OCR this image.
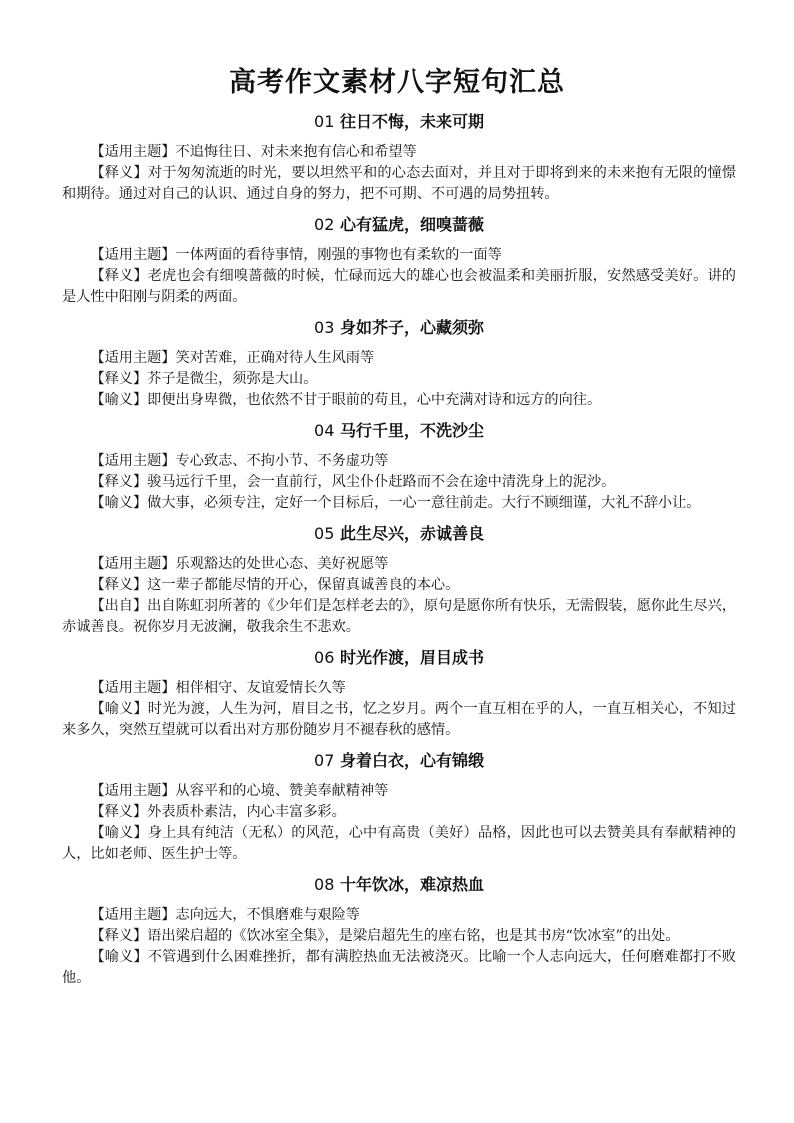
高考作文素材八字短句汇总
01 往日不悔，未来可期

【适用主题】不追悔往日、对未来抱有信心和希望等

【释义】对于匆匆流逝的时光，要以坦然平和的心态去面对，并且对于即将到来的未来抱有无限的憧憬和期待。通过对自己的认识、通过自身的努力，把不可期、不可遇的局势扭转。

02 心有猛虎，细嗅蔷薇

【适用主题】一体两面的看待事情，刚强的事物也有柔软的一面等

【释义】老虎也会有细嗅蔷薇的时候，忙碌而远大的雄心也会被温柔和美丽折服，安然感受美好。讲的是人性中阳刚与阴柔的两面。

03 身如芥子，心藏须弥

【适用主题】笑对苦难，正确对待人生风雨等

【释义】芥子是微尘，须弥是大山。

【喻义】即便出身卑微，也依然不甘于眼前的苟且，心中充满对诗和远方的向往。

04 马行千里，不洗沙尘

【适用主题】专心致志、不拘小节、不务虚功等

【释义】骏马远行千里，会一直前行，风尘仆仆赶路而不会在途中清洗身上的泥沙。

【喻义】做大事，必须专注，定好一个目标后，一心一意往前走。大行不顾细谨，大礼不辞小让。

05 此生尽兴，赤诚善良

【适用主题】乐观豁达的处世心态、美好祝愿等

【释义】这一辈子都能尽情的开心，保留真诚善良的本心。

【出自】出自陈虹羽所著的《少年们是怎样老去的》，原句是愿你所有快乐，无需假装，愿你此生尽兴，赤诚善良。祝你岁月无波澜，敬我余生不悲欢。

06 时光作渡，眉目成书

【适用主题】相伴相守、友谊爱情长久等

【喻义】时光为渡，人生为河，眉目之书，忆之岁月。两个一直互相在乎的人，一直互相关心，不知过来多久，突然互望就可以看出对方那份随岁月不褪春秋的感情。

07 身着白衣，心有锦缎

【适用主题】从容平和的心境、赞美奉献精神等

【释义】外表质朴素洁，内心丰富多彩。

【喻义】身上具有纯洁（无私）的风范，心中有高贵（美好）品格，因此也可以去赞美具有奉献精神的人，比如老师、医生护士等。

08 十年饮冰，难凉热血

【适用主题】志向远大，不惧磨难与艰险等

【释义】语出梁启超的《饮冰室全集》，是梁启超先生的座右铭，也是其书房“饮冰室”的出处。

【喻义】不管遇到什么困难挫折，都有满腔热血无法被浇灭。比喻一个人志向远大，任何磨难都打不败他。
